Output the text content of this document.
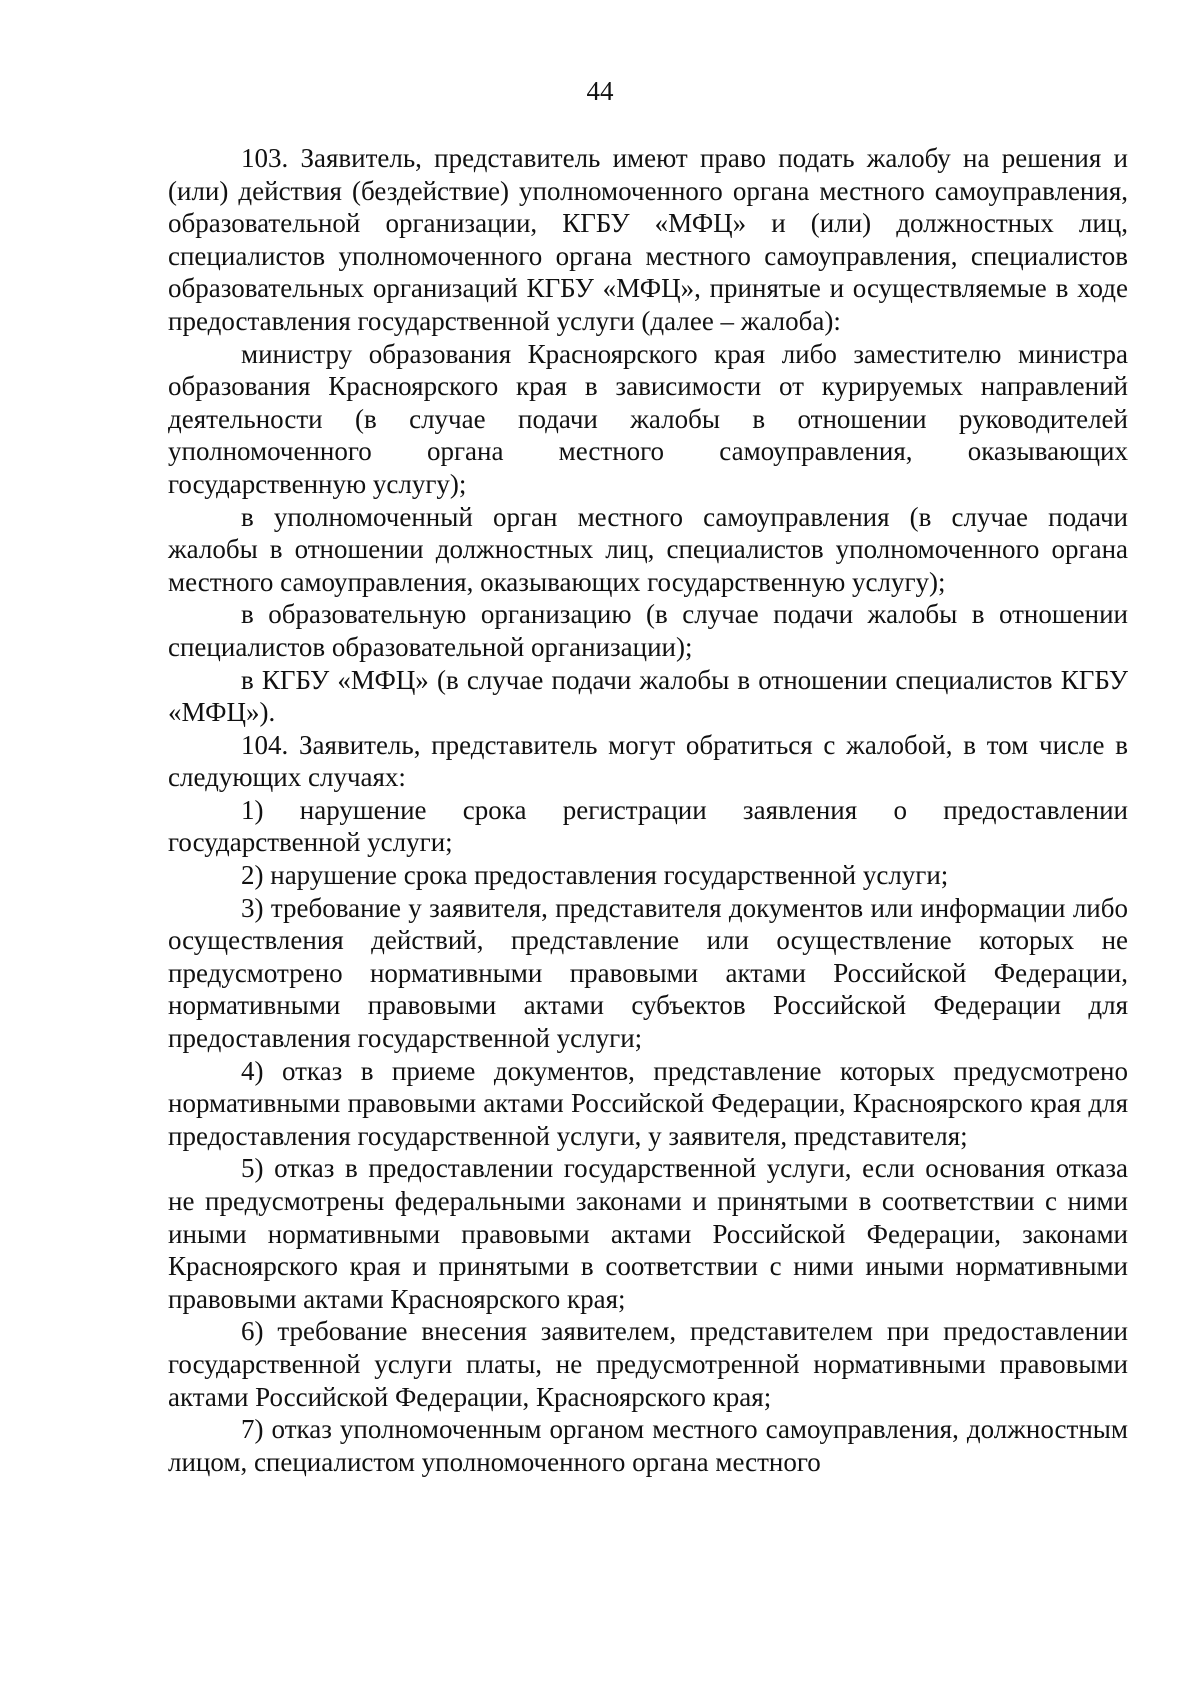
44

103. Заявитель, представитель имеют право подать жалобу на решения и (или) действия (бездействие) уполномоченного органа местного самоуправления, образовательной организации, КГБУ «МФЦ» и (или) должностных лиц, специалистов уполномоченного органа местного самоуправления, специалистов образовательных организаций КГБУ «МФЦ», принятые и осуществляемые в ходе предоставления государственной услуги (далее – жалоба):

министру образования Красноярского края либо заместителю министра образования Красноярского края в зависимости от курируемых направлений деятельности (в случае подачи жалобы в отношении руководителей уполномоченного органа местного самоуправления, оказывающих государственную услугу);

в уполномоченный орган местного самоуправления (в случае подачи жалобы в отношении должностных лиц, специалистов уполномоченного органа местного самоуправления, оказывающих государственную услугу);

в образовательную организацию (в случае подачи жалобы в отношении специалистов образовательной организации);

в КГБУ «МФЦ» (в случае подачи жалобы в отношении специалистов КГБУ «МФЦ»).

104. Заявитель, представитель могут обратиться с жалобой, в том числе в следующих случаях:

1) нарушение срока регистрации заявления о предоставлении государственной услуги;

2) нарушение срока предоставления государственной услуги;

3) требование у заявителя, представителя документов или информации либо осуществления действий, представление или осуществление которых не предусмотрено нормативными правовыми актами Российской Федерации, нормативными правовыми актами субъектов Российской Федерации для предоставления государственной услуги;

4) отказ в приеме документов, представление которых предусмотрено нормативными правовыми актами Российской Федерации, Красноярского края для предоставления государственной услуги, у заявителя, представителя;

5) отказ в предоставлении государственной услуги, если основания отказа не предусмотрены федеральными законами и принятыми в соответствии с ними иными нормативными правовыми актами Российской Федерации, законами Красноярского края и принятыми в соответствии с ними иными нормативными правовыми актами Красноярского края;

6) требование внесения заявителем, представителем при предоставлении государственной услуги платы, не предусмотренной нормативными правовыми актами Российской Федерации, Красноярского края;

7) отказ уполномоченным органом местного самоуправления, должностным лицом, специалистом уполномоченного органа местного
